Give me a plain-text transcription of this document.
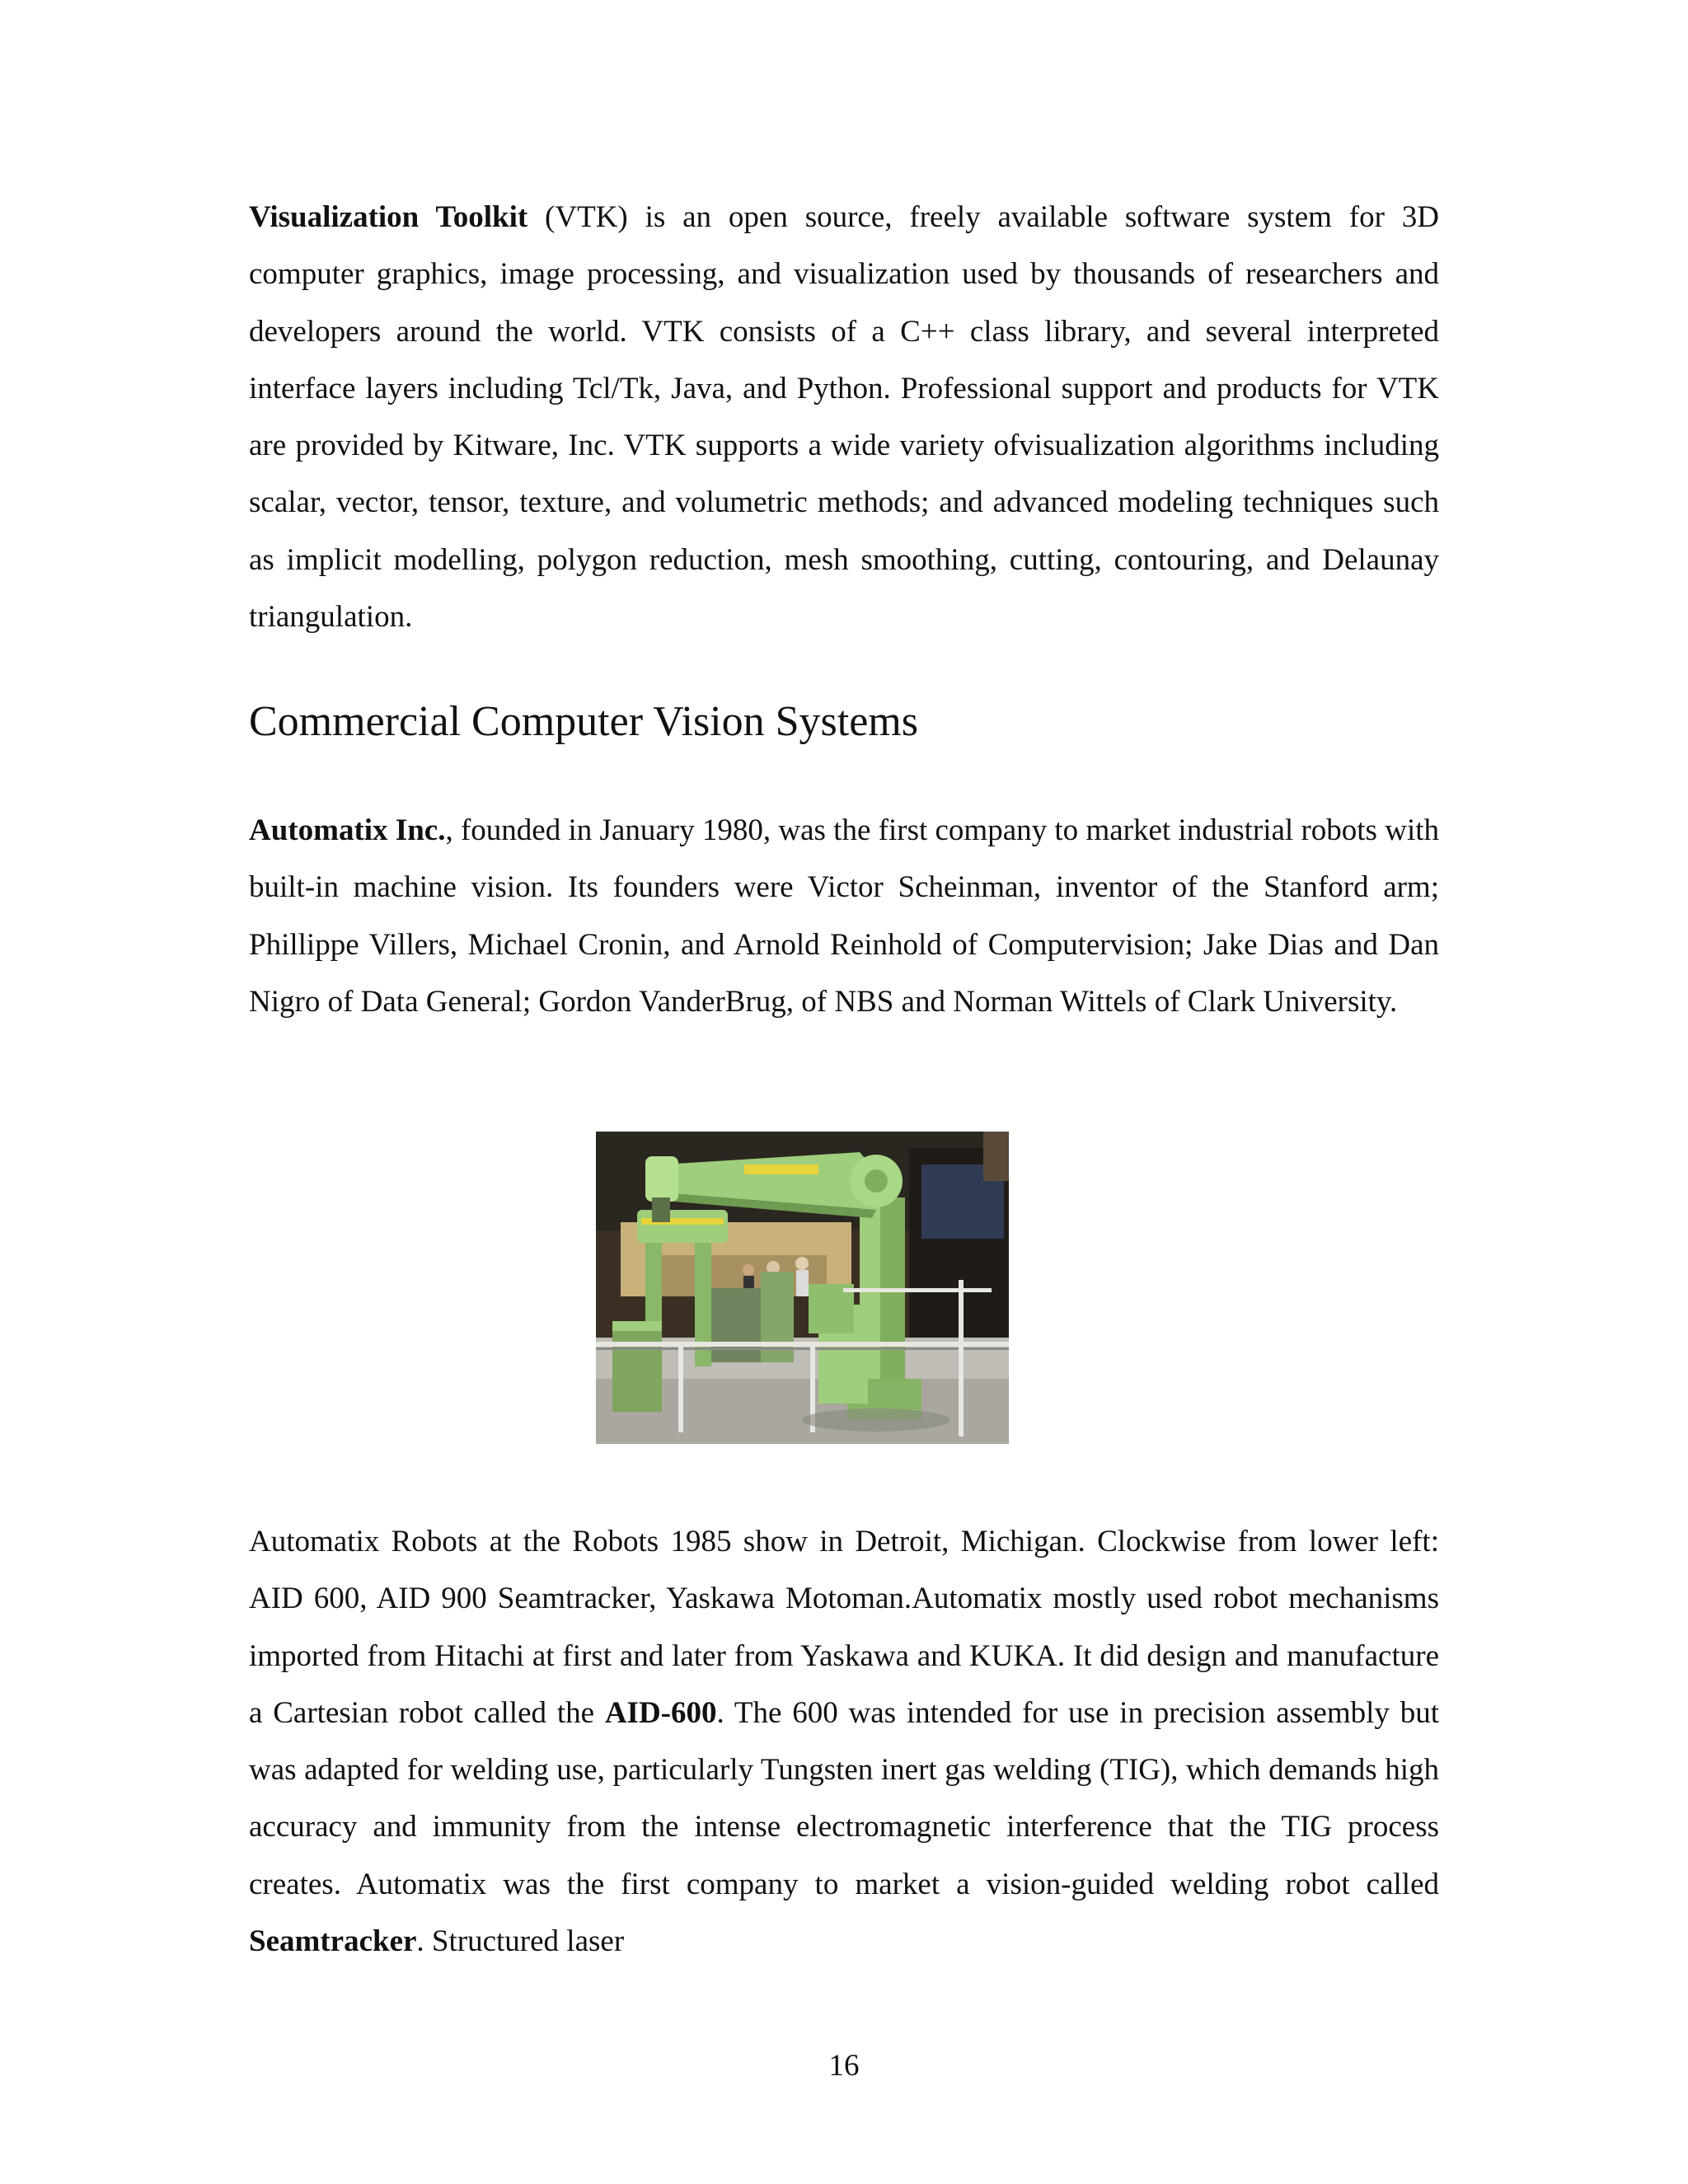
Visualization Toolkit (VTK) is an open source, freely available software system for 3D computer graphics, image processing, and visualization used by thousands of researchers and developers around the world. VTK consists of a C++ class library, and several interpreted interface layers including Tcl/Tk, Java, and Python. Professional support and products for VTK are provided by Kitware, Inc. VTK supports a wide variety ofvisualization algorithms including scalar, vector, tensor, texture, and volumetric methods; and advanced modeling techniques such as implicit modelling, polygon reduction, mesh smoothing, cutting, contouring, and Delaunay triangulation.

Commercial Computer Vision Systems

Automatix Inc., founded in January 1980, was the first company to market industrial robots with built-in machine vision. Its founders were Victor Scheinman, inventor of the Stanford arm; Phillippe Villers, Michael Cronin, and Arnold Reinhold of Computervision; Jake Dias and Dan Nigro of Data General; Gordon VanderBrug, of NBS and Norman Wittels of Clark University.

Automatix Robots at the Robots 1985 show in Detroit, Michigan. Clockwise from lower left: AID 600, AID 900 Seamtracker, Yaskawa Motoman.Automatix mostly used robot mechanisms imported from Hitachi at first and later from Yaskawa and KUKA. It did design and manufacture a Cartesian robot called the AID-600. The 600 was intended for use in precision assembly but was adapted for welding use, particularly Tungsten inert gas welding (TIG), which demands high accuracy and immunity from the intense electromagnetic interference that the TIG process creates. Automatix was the first company to market a vision-guided welding robot called Seamtracker. Structured laser

16
